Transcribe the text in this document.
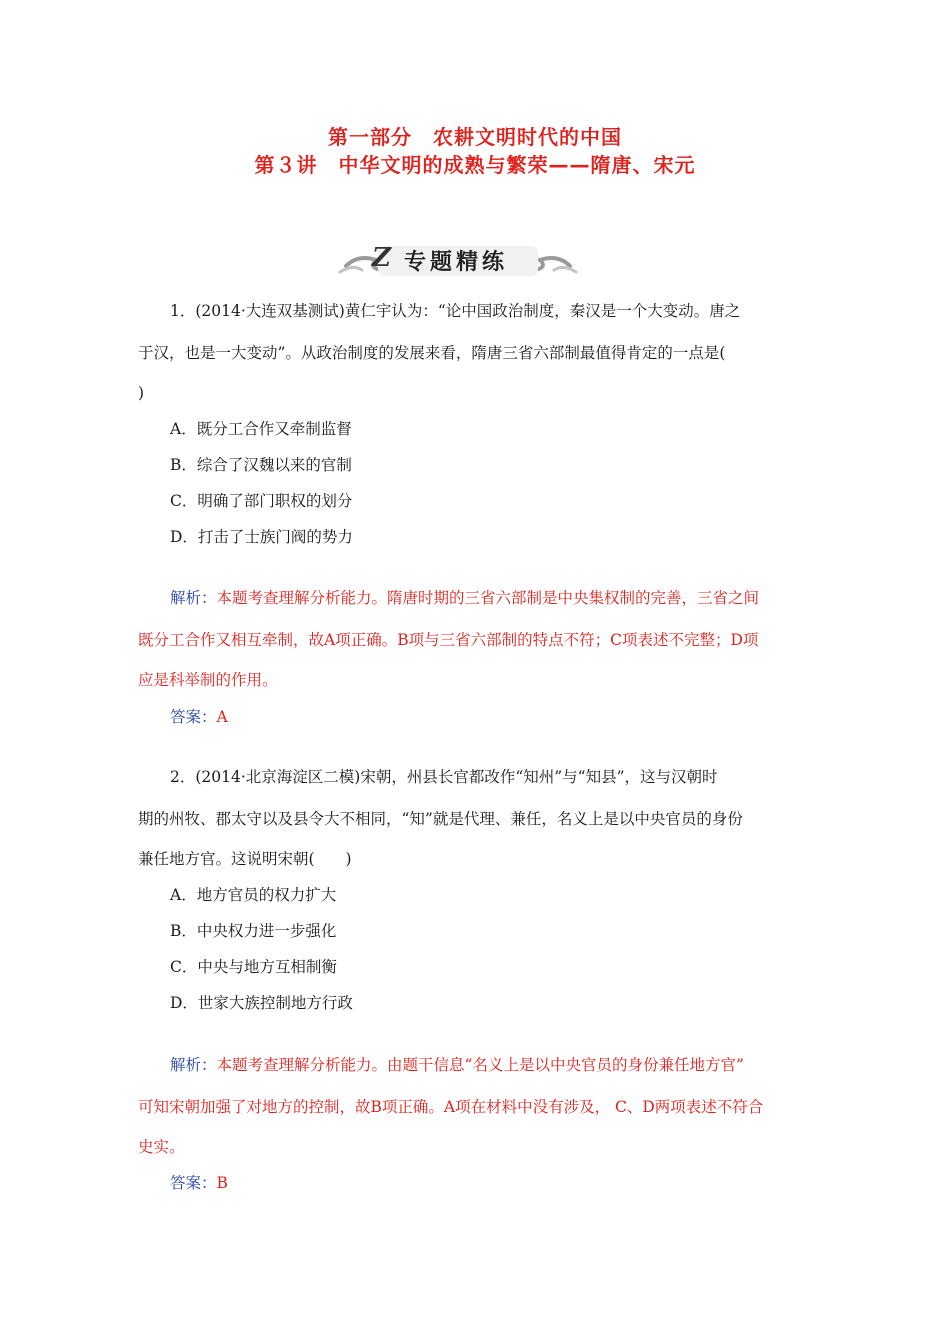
第一部分　农耕文明时代的中国
第３讲　中华文明的成熟与繁荣——隋唐、宋元
Z 专题精练
1．(2014·大连双基测试)黄仁宇认为：“论中国政治制度，秦汉是一个大变动。唐之
于汉，也是一大变动”。从政治制度的发展来看，隋唐三省六部制最值得肯定的一点是(
)
A．既分工合作又牵制监督
B．综合了汉魏以来的官制
C．明确了部门职权的划分
D．打击了士族门阀的势力
解析：本题考查理解分析能力。隋唐时期的三省六部制是中央集权制的完善，三省之间
既分工合作又相互牵制，故A项正确。B项与三省六部制的特点不符；C项表述不完整；D项
应是科举制的作用。
答案：A
2．(2014·北京海淀区二模)宋朝，州县长官都改作“知州”与“知县”，这与汉朝时
期的州牧、郡太守以及县令大不相同，“知”就是代理、兼任，名义上是以中央官员的身份
兼任地方官。这说明宋朝(　　)
A．地方官员的权力扩大
B．中央权力进一步强化
C．中央与地方互相制衡
D．世家大族控制地方行政
解析：本题考查理解分析能力。由题干信息“名义上是以中央官员的身份兼任地方官”
可知宋朝加强了对地方的控制，故B项正确。A项在材料中没有涉及， C、D两项表述不符合
史实。
答案：B
